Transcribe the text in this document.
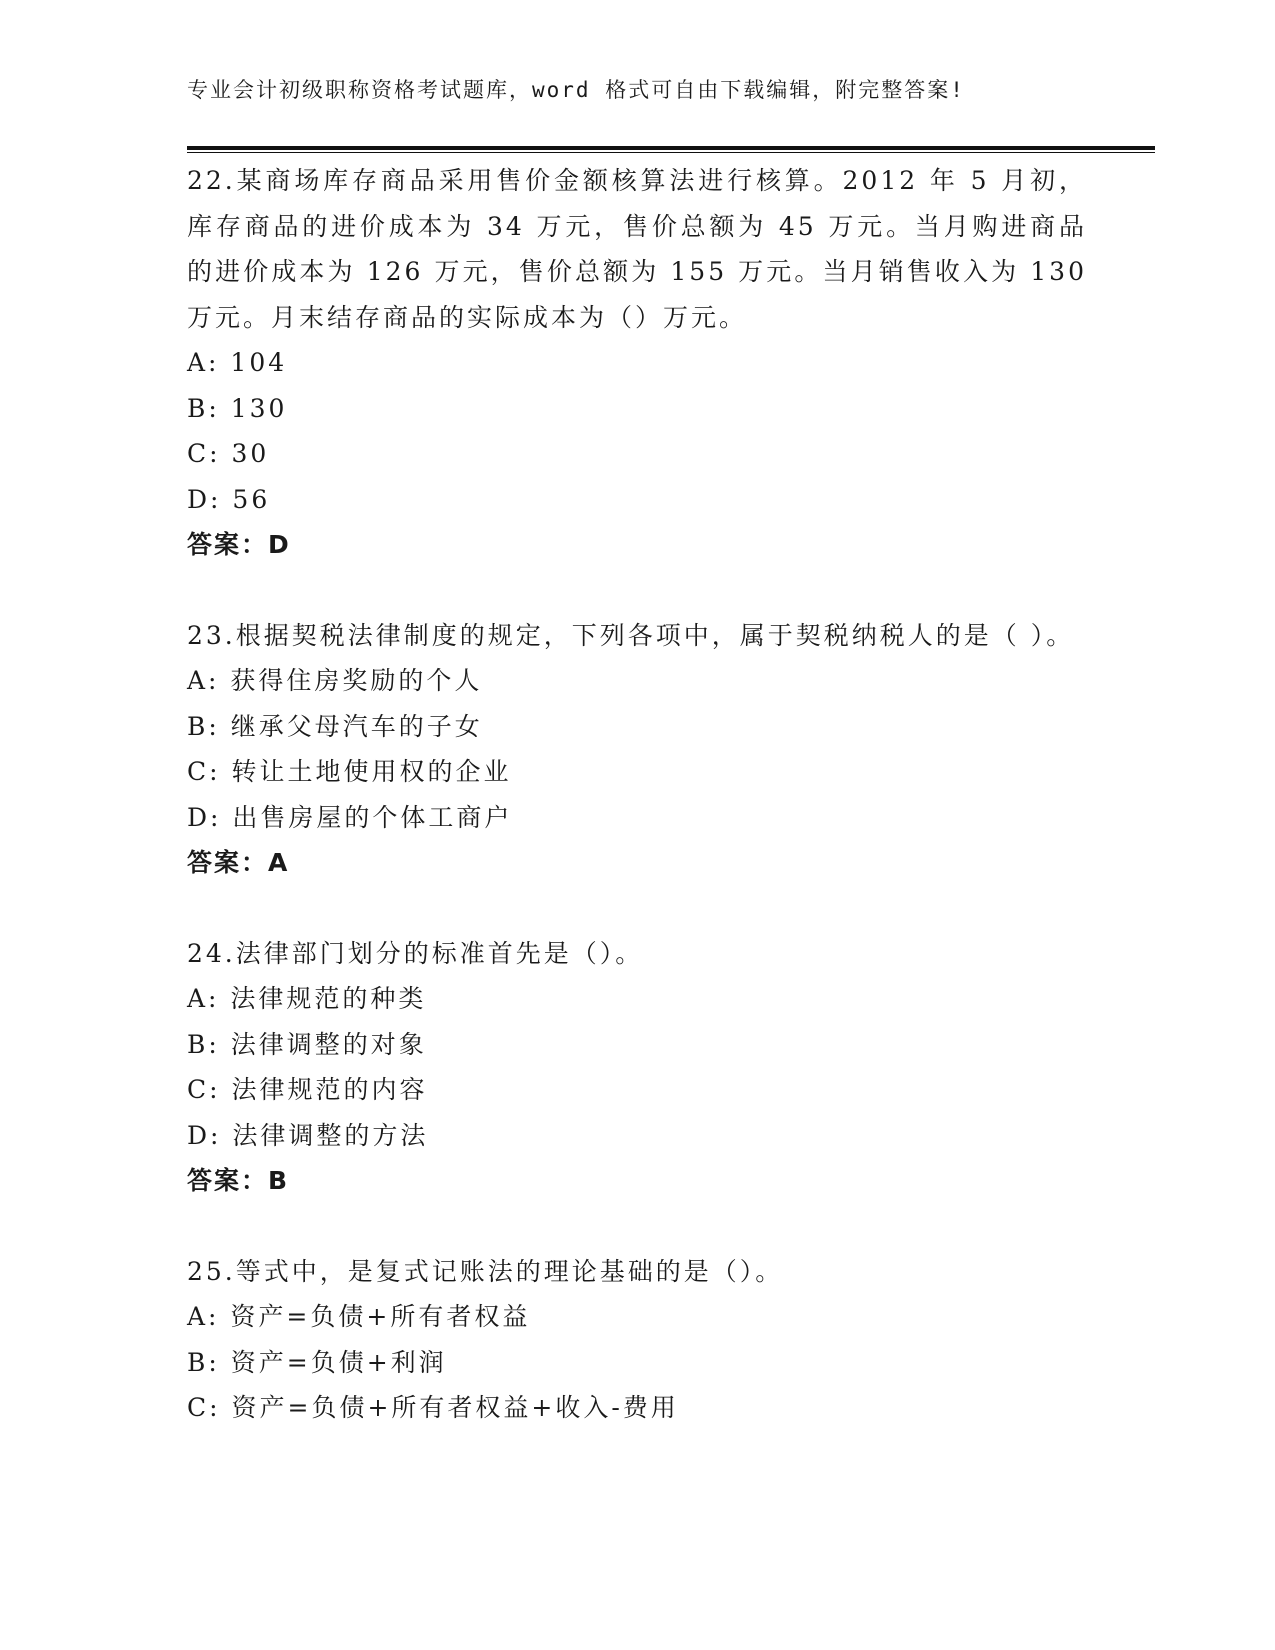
专业会计初级职称资格考试题库，word 格式可自由下载编辑，附完整答案!

22.某商场库存商品采用售价金额核算法进行核算。2012 年 5 月初，库存商品的进价成本为 34 万元，售价总额为 45 万元。当月购进商品的进价成本为 126 万元，售价总额为 155 万元。当月销售收入为 130 万元。月末结存商品的实际成本为（）万元。

A: 104
B: 130
C: 30
D: 56
答案：D

23.根据契税法律制度的规定，下列各项中，属于契税纳税人的是（ ）。

A: 获得住房奖励的个人
B: 继承父母汽车的子女
C: 转让土地使用权的企业
D: 出售房屋的个体工商户
答案：A

24.法律部门划分的标准首先是（）。

A: 法律规范的种类
B: 法律调整的对象
C: 法律规范的内容
D: 法律调整的方法
答案：B

25.等式中，是复式记账法的理论基础的是（）。

A: 资产=负债+所有者权益
B: 资产=负债+利润
C: 资产=负债+所有者权益+收入-费用
